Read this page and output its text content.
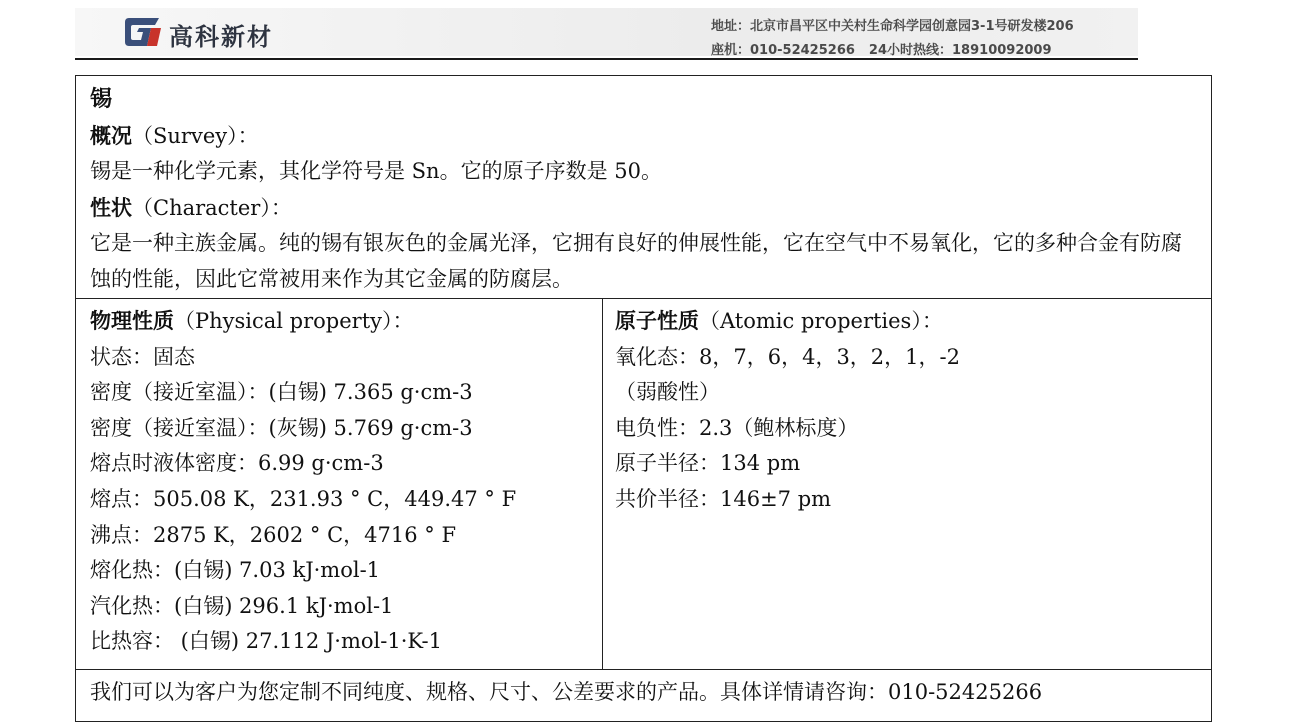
高科新材	地址：北京市昌平区中关村生命科学园创意园3-1号研发楼206
座机：010-52425266 24小时热线：18910092009
锡
概况（Survey）：
锡是一种化学元素，其化学符号是 Sn。它的原子序数是 50。
性状（Character）：
它是一种主族金属。纯的锡有银灰色的金属光泽，它拥有良好的伸展性能，它在空气中不易氧化，它的多种合金有防腐蚀的性能，因此它常被用来作为其它金属的防腐层。

物理性质（Physical property）：
状态：固态
密度（接近室温）：(白锡) 7.365 g·cm-3
密度（接近室温）：(灰锡) 5.769 g·cm-3
熔点时液体密度：6.99 g·cm-3
熔点：505.08 K，231.93 ° C，449.47 ° F
沸点：2875 K，2602 ° C，4716 ° F
熔化热：(白锡) 7.03 kJ·mol-1
汽化热：(白锡) 296.1 kJ·mol-1
比热容： (白锡) 27.112 J·mol-1·K-1

原子性质（Atomic properties）：
氧化态：8，7，6，4，3，2，1，-2
（弱酸性）
电负性：2.3（鲍林标度）
原子半径：134 pm
共价半径：146±7 pm

我们可以为客户为您定制不同纯度、规格、尺寸、公差要求的产品。具体详情请咨询：010-52425266
